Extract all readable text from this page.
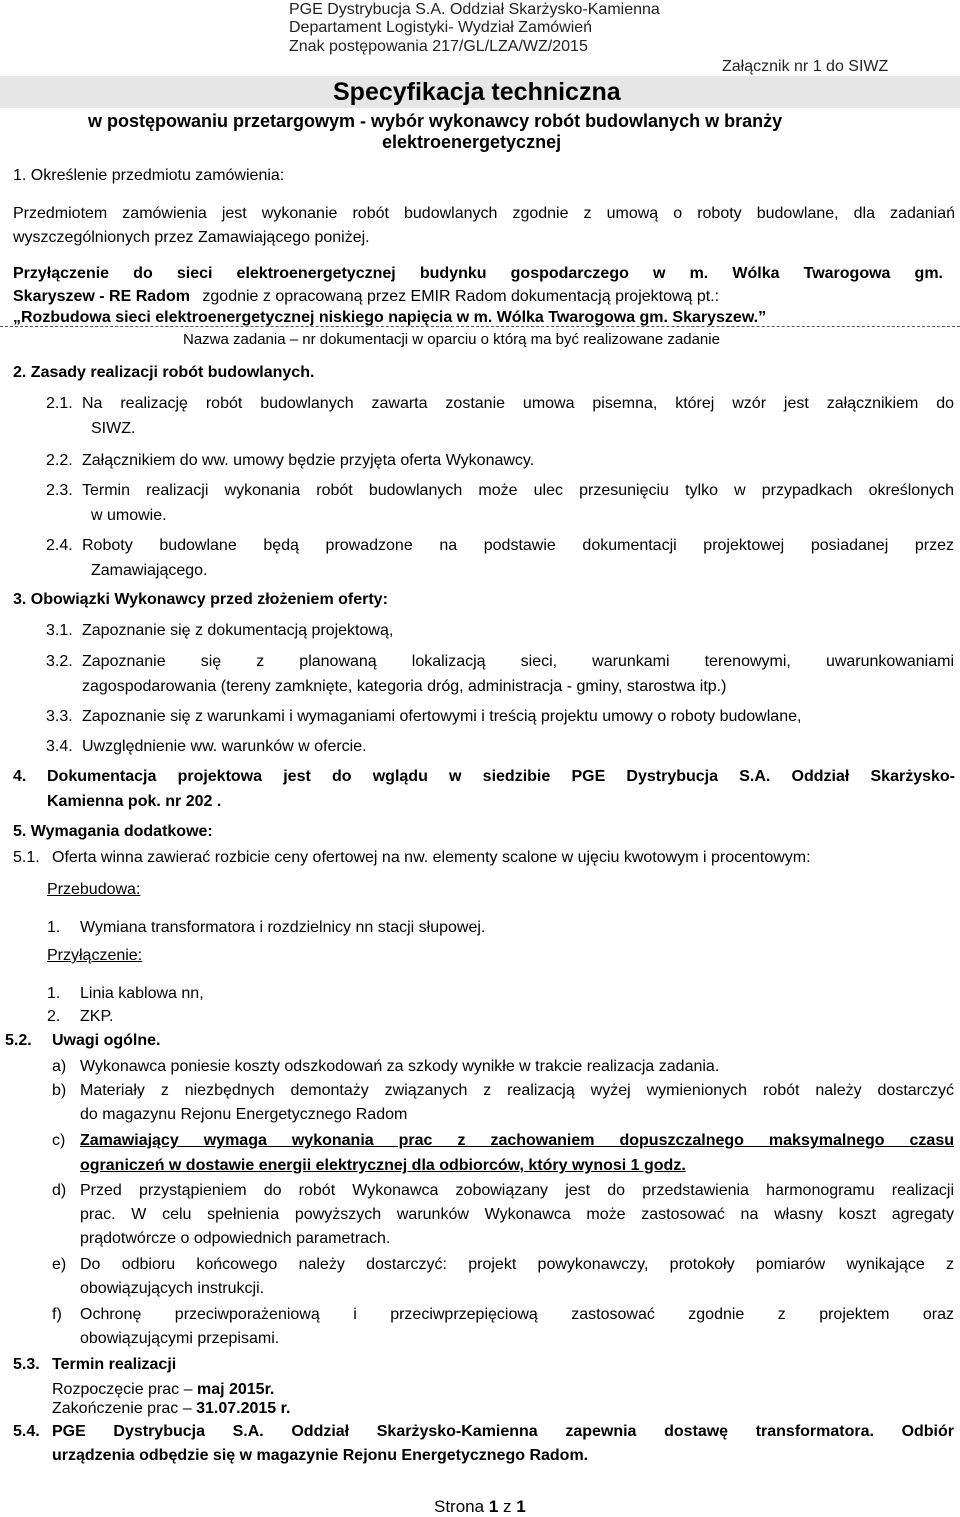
PGE Dystrybucja S.A. Oddział Skarżysko-Kamienna
Departament Logistyki- Wydział Zamówień
Znak postępowania 217/GL/LZA/WZ/2015
Załącznik nr 1 do SIWZ
Specyfikacja techniczna
w postępowaniu przetargowym - wybór wykonawcy robót budowlanych w branży
elektroenergetycznej
1. Określenie przedmiotu zamówienia:
Przedmiotem zamówienia jest wykonanie robót budowlanych zgodnie z umową o roboty budowlane, dla zadaniań
wyszczególnionych przez Zamawiającego poniżej.
Przyłączenie do sieci elektroenergetycznej budynku gospodarczego w m. Wólka Twarogowa gm.
Skaryszew - RE Radom zgodnie z opracowaną przez EMIR Radom dokumentacją projektową pt.:
„Rozbudowa sieci elektroenergetycznej niskiego napięcia w m. Wólka Twarogowa gm. Skaryszew.”
Nazwa zadania – nr dokumentacji w oparciu o którą ma być realizowane zadanie
2. Zasady realizacji robót budowlanych.
2.1. Na realizację robót budowlanych zawarta zostanie umowa pisemna, której wzór jest załącznikiem do
SIWZ.
2.2. Załącznikiem do ww. umowy będzie przyjęta oferta Wykonawcy.
2.3. Termin realizacji wykonania robót budowlanych może ulec przesunięciu tylko w przypadkach określonych
w umowie.
2.4. Roboty budowlane będą prowadzone na podstawie dokumentacji projektowej posiadanej przez
Zamawiającego.
3. Obowiązki Wykonawcy przed złożeniem oferty:
3.1. Zapoznanie się z dokumentacją projektową,
3.2. Zapoznanie się z planowaną lokalizacją sieci, warunkami terenowymi, uwarunkowaniami
zagospodarowania (tereny zamknięte, kategoria dróg, administracja - gminy, starostwa itp.)
3.3. Zapoznanie się z warunkami i wymaganiami ofertowymi i treścią projektu umowy o roboty budowlane,
3.4. Uwzględnienie ww. warunków w ofercie.
4. Dokumentacja projektowa jest do wglądu w siedzibie PGE Dystrybucja S.A. Oddział Skarżysko-
Kamienna pok. nr 202 .
5. Wymagania dodatkowe:
5.1. Oferta winna zawierać rozbicie ceny ofertowej na nw. elementy scalone w ujęciu kwotowym i procentowym:
Przebudowa:
1. Wymiana transformatora i rozdzielnicy nn stacji słupowej.
Przyłączenie:
1. Linia kablowa nn,
2. ZKP.
5.2. Uwagi ogólne.
a) Wykonawca poniesie koszty odszkodowań za szkody wynikłe w trakcie realizacja zadania.
b) Materiały z niezbędnych demontaży związanych z realizacją wyżej wymienionych robót należy dostarczyć
do magazynu Rejonu Energetycznego Radom
c) Zamawiający wymaga wykonania prac z zachowaniem dopuszczalnego maksymalnego czasu
ograniczeń w dostawie energii elektrycznej dla odbiorców, który wynosi 1 godz.
d) Przed przystąpieniem do robót Wykonawca zobowiązany jest do przedstawienia harmonogramu realizacji
prac. W celu spełnienia powyższych warunków Wykonawca może zastosować na własny koszt agregaty
prądotwórcze o odpowiednich parametrach.
e) Do odbioru końcowego należy dostarczyć: projekt powykonawczy, protokoły pomiarów wynikające z
obowiązujących instrukcji.
f) Ochronę przeciwporażeniową i przeciwprzepięciową zastosować zgodnie z projektem oraz
obowiązującymi przepisami.
5.3. Termin realizacji
Rozpoczęcie prac – maj 2015r.
Zakończenie prac – 31.07.2015 r.
5.4. PGE Dystrybucja S.A. Oddział Skarżysko-Kamienna zapewnia dostawę transformatora. Odbiór
urządzenia odbędzie się w magazynie Rejonu Energetycznego Radom.
Strona 1 z 1
